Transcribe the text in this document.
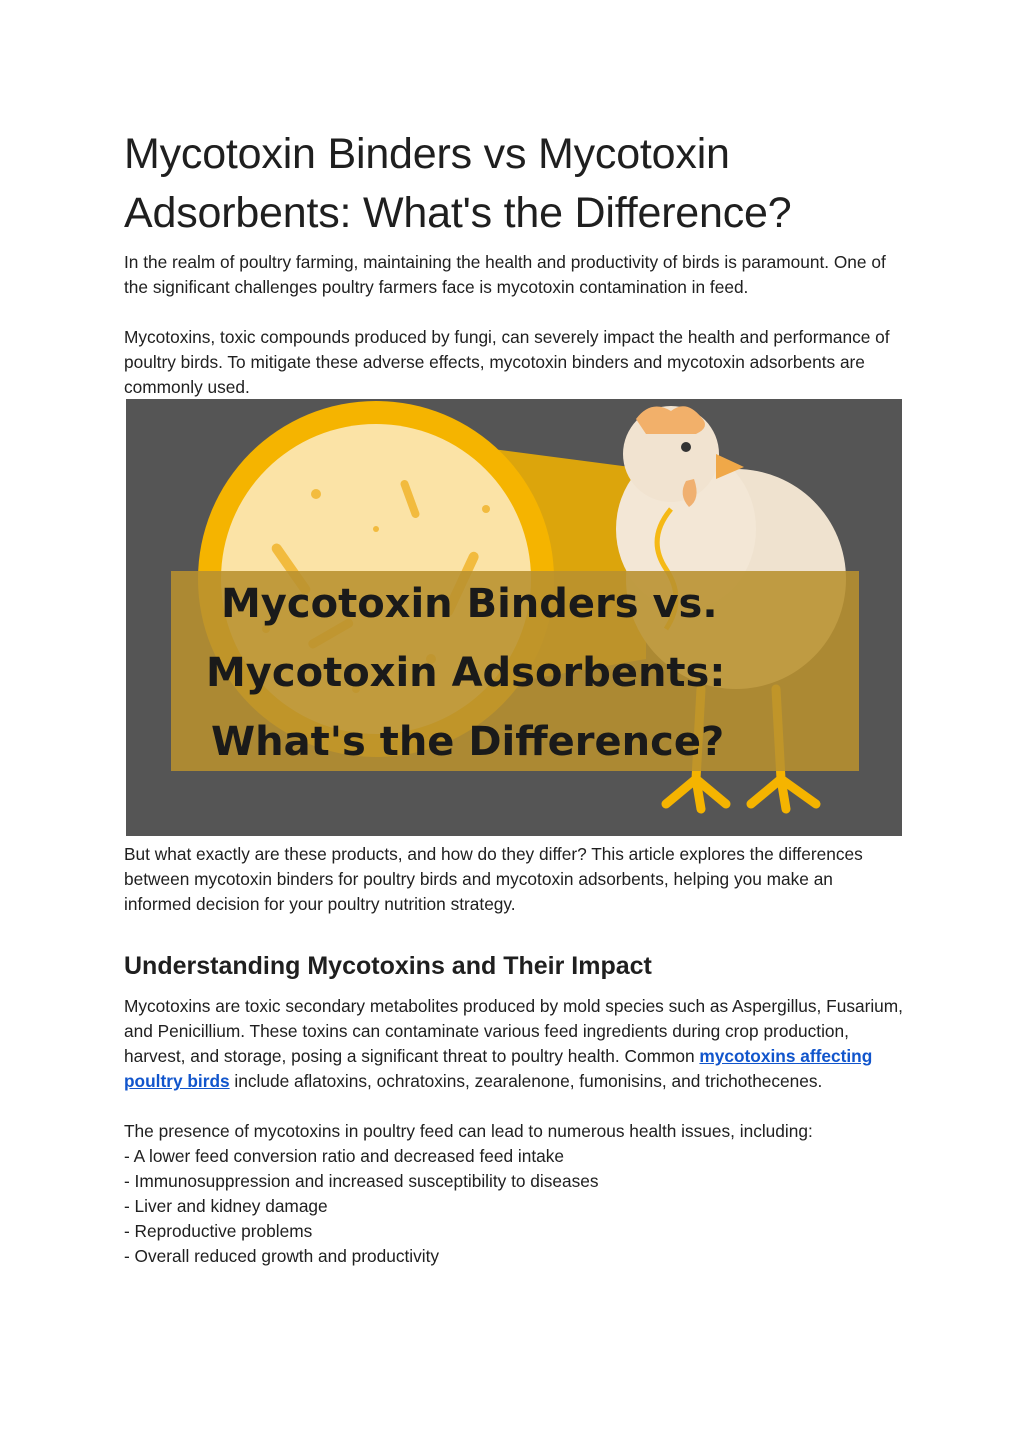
Mycotoxin Binders vs Mycotoxin Adsorbents: What's the Difference?

In the realm of poultry farming, maintaining the health and productivity of birds is paramount. One of the significant challenges poultry farmers face is mycotoxin contamination in feed.

Mycotoxins, toxic compounds produced by fungi, can severely impact the health and performance of poultry birds. To mitigate these adverse effects, mycotoxin binders and mycotoxin adsorbents are commonly used.

Mycotoxin Binders vs.
Mycotoxin Adsorbents:
What's the Difference?

But what exactly are these products, and how do they differ? This article explores the differences between mycotoxin binders for poultry birds and mycotoxin adsorbents, helping you make an informed decision for your poultry nutrition strategy.

Understanding Mycotoxins and Their Impact

Mycotoxins are toxic secondary metabolites produced by mold species such as Aspergillus, Fusarium, and Penicillium. These toxins can contaminate various feed ingredients during crop production, harvest, and storage, posing a significant threat to poultry health. Common mycotoxins affecting poultry birds include aflatoxins, ochratoxins, zearalenone, fumonisins, and trichothecenes.

The presence of mycotoxins in poultry feed can lead to numerous health issues, including:

- A lower feed conversion ratio and decreased feed intake

- Immunosuppression and increased susceptibility to diseases

- Liver and kidney damage

- Reproductive problems

- Overall reduced growth and productivity
